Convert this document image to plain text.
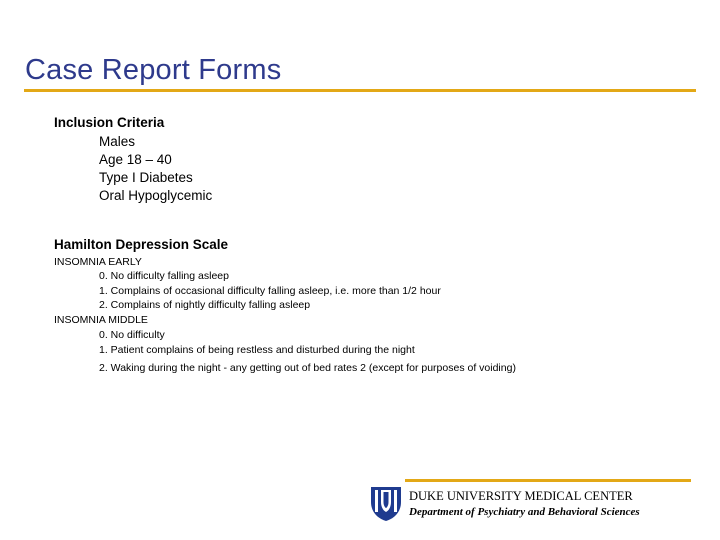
Case Report Forms
Inclusion Criteria
Males
Age 18 – 40
Type I Diabetes
Oral Hypoglycemic
Hamilton Depression Scale
INSOMNIA EARLY
0. No difficulty falling asleep
1. Complains of occasional difficulty falling asleep, i.e. more than 1/2 hour
2. Complains of nightly difficulty falling asleep
INSOMNIA MIDDLE
0. No difficulty
1. Patient complains of being restless and disturbed during the night
2. Waking during the night - any getting out of bed rates 2 (except for purposes of voiding)
DUKE UNIVERSITY MEDICAL CENTER
Department of Psychiatry and Behavioral Sciences
